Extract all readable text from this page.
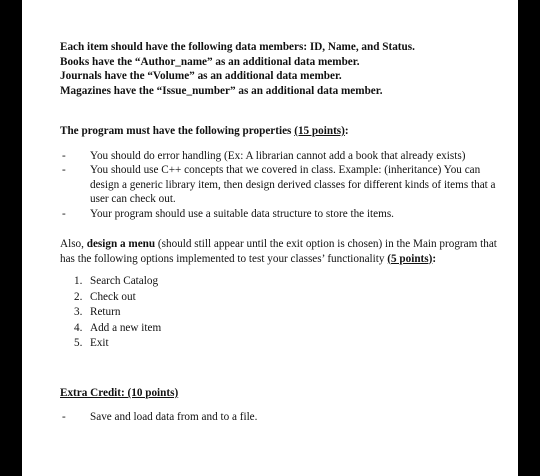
Each item should have the following data members: ID, Name, and Status.

Books have the “Author_name” as an additional data member.

Journals have the “Volume” as an additional data member.

Magazines have the “Issue_number” as an additional data member.

The program must have the following properties (15 points):
- You should do error handling (Ex: A librarian cannot add a book that already exists)
- You should use C++ concepts that we covered in class. Example: (inheritance) You can design a generic library item, then design derived classes for different kinds of items that a user can check out.
- Your program should use a suitable data structure to store the items.
Also, design a menu (should still appear until the exit option is chosen) in the Main program that has the following options implemented to test your classes’ functionality (5 points):
1. Search Catalog
2. Check out
3. Return
4. Add a new item
5. Exit
Extra Credit: (10 points)
- Save and load data from and to a file.
